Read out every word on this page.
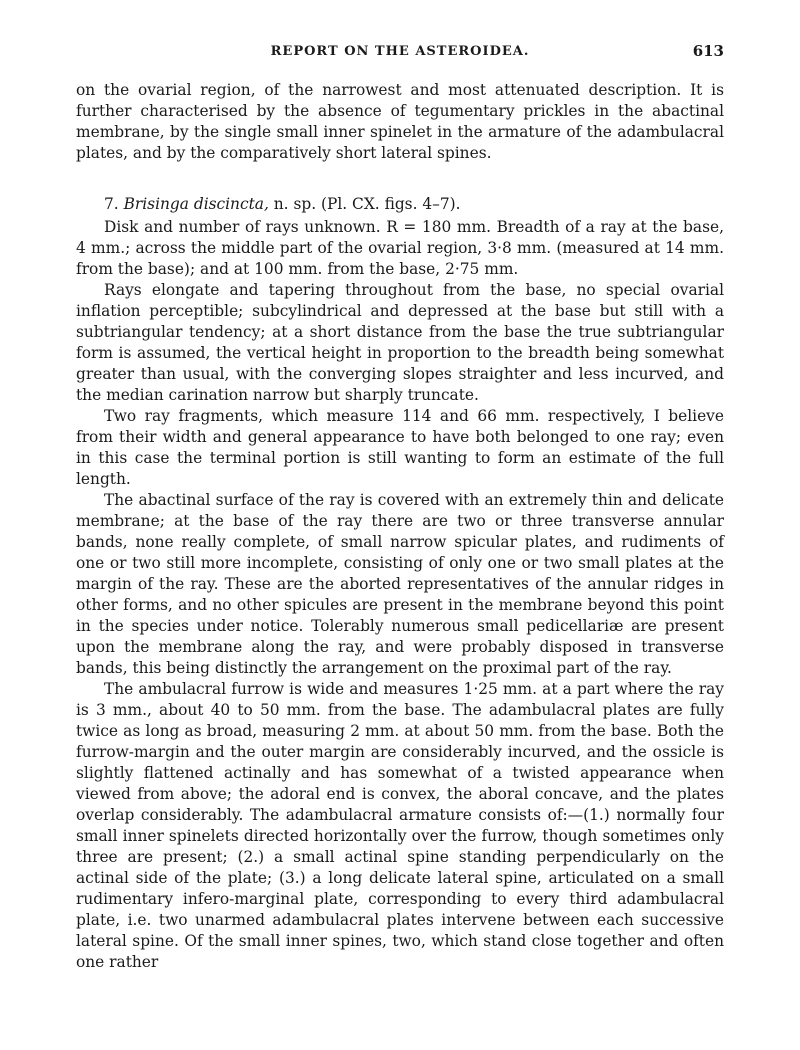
REPORT ON THE ASTEROIDEA.	613

on the ovarial region, of the narrowest and most attenuated description. It is further characterised by the absence of tegumentary prickles in the abactinal membrane, by the single small inner spinelet in the armature of the adambulacral plates, and by the comparatively short lateral spines.

7. Brisinga discincta, n. sp. (Pl. CX. figs. 4–7).

Disk and number of rays unknown. R = 180 mm. Breadth of a ray at the base, 4 mm.; across the middle part of the ovarial region, 3·8 mm. (measured at 14 mm. from the base); and at 100 mm. from the base, 2·75 mm.

Rays elongate and tapering throughout from the base, no special ovarial inflation perceptible; subcylindrical and depressed at the base but still with a subtriangular tendency; at a short distance from the base the true subtriangular form is assumed, the vertical height in proportion to the breadth being somewhat greater than usual, with the converging slopes straighter and less incurved, and the median carination narrow but sharply truncate.

Two ray fragments, which measure 114 and 66 mm. respectively, I believe from their width and general appearance to have both belonged to one ray; even in this case the terminal portion is still wanting to form an estimate of the full length.

The abactinal surface of the ray is covered with an extremely thin and delicate membrane; at the base of the ray there are two or three transverse annular bands, none really complete, of small narrow spicular plates, and rudiments of one or two still more incomplete, consisting of only one or two small plates at the margin of the ray. These are the aborted representatives of the annular ridges in other forms, and no other spicules are present in the membrane beyond this point in the species under notice. Tolerably numerous small pedicellariæ are present upon the membrane along the ray, and were probably disposed in transverse bands, this being distinctly the arrangement on the proximal part of the ray.

The ambulacral furrow is wide and measures 1·25 mm. at a part where the ray is 3 mm., about 40 to 50 mm. from the base. The adambulacral plates are fully twice as long as broad, measuring 2 mm. at about 50 mm. from the base. Both the furrow-margin and the outer margin are considerably incurved, and the ossicle is slightly flattened actinally and has somewhat of a twisted appearance when viewed from above; the adoral end is convex, the aboral concave, and the plates overlap considerably. The adambulacral armature consists of:—(1.) normally four small inner spinelets directed horizontally over the furrow, though sometimes only three are present; (2.) a small actinal spine standing perpendicularly on the actinal side of the plate; (3.) a long delicate lateral spine, articulated on a small rudimentary infero-marginal plate, corresponding to every third adambulacral plate, i.e. two unarmed adambulacral plates intervene between each successive lateral spine. Of the small inner spines, two, which stand close together and often one rather
